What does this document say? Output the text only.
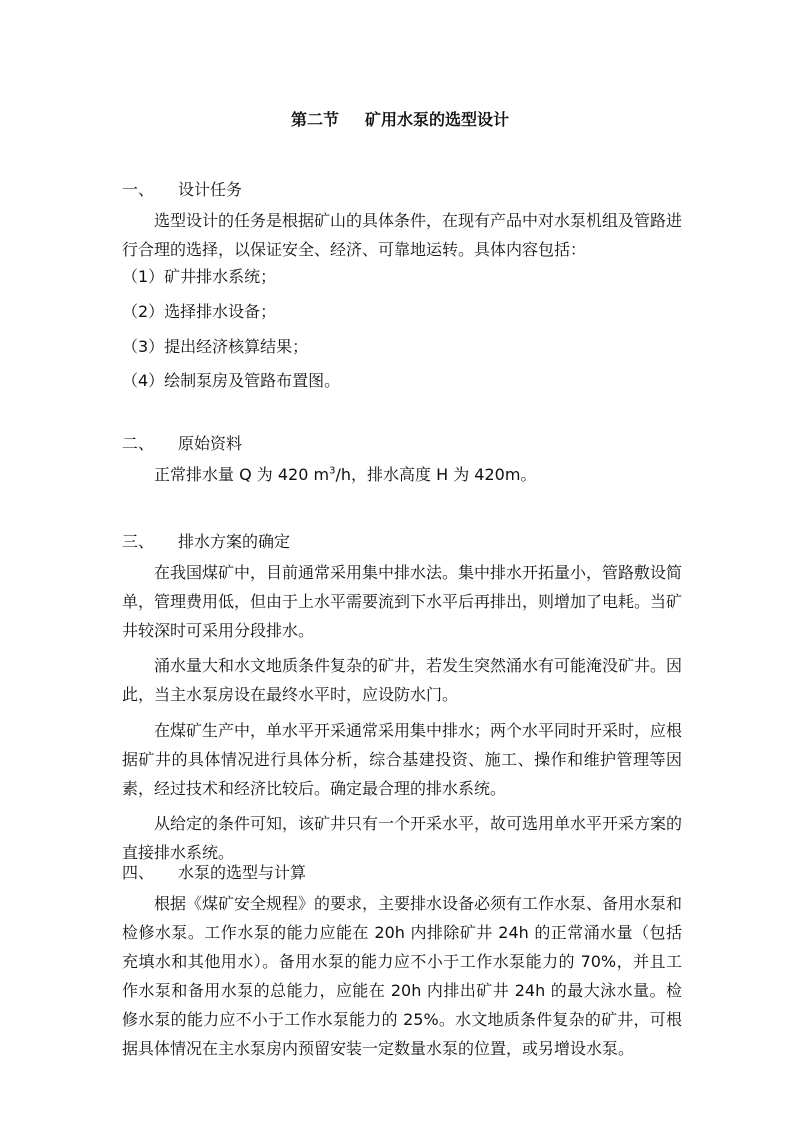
第二节 矿用水泵的选型设计
一、 设计任务
选型设计的任务是根据矿山的具体条件，在现有产品中对水泵机组及管路进行合理的选择，以保证安全、经济、可靠地运转。具体内容包括：
（1）矿井排水系统；
（2）选择排水设备；
（3）提出经济核算结果；
（4）绘制泵房及管路布置图。
二、 原始资料
正常排水量 Q 为 420 $m^3/h$，排水高度 H 为 420m。
三、 排水方案的确定
在我国煤矿中，目前通常采用集中排水法。集中排水开拓量小，管路敷设简单，管理费用低，但由于上水平需要流到下水平后再排出，则增加了电耗。当矿井较深时可采用分段排水。
涌水量大和水文地质条件复杂的矿井，若发生突然涌水有可能淹没矿井。因此，当主水泵房设在最终水平时，应设防水门。
在煤矿生产中，单水平开采通常采用集中排水；两个水平同时开采时，应根据矿井的具体情况进行具体分析，综合基建投资、施工、操作和维护管理等因素，经过技术和经济比较后。确定最合理的排水系统。
从给定的条件可知，该矿井只有一个开采水平，故可选用单水平开采方案的直接排水系统。
四、 水泵的选型与计算
根据《煤矿安全规程》的要求，主要排水设备必须有工作水泵、备用水泵和检修水泵。工作水泵的能力应能在 20h 内排除矿井 24h 的正常涌水量（包括充填水和其他用水）。备用水泵的能力应不小于工作水泵能力的 70%，并且工作水泵和备用水泵的总能力，应能在 20h 内排出矿井 24h 的最大泳水量。检修水泵的能力应不小于工作水泵能力的 25%。水文地质条件复杂的矿井，可根据具体情况在主水泵房内预留安装一定数量水泵的位置，或另增设水泵。
